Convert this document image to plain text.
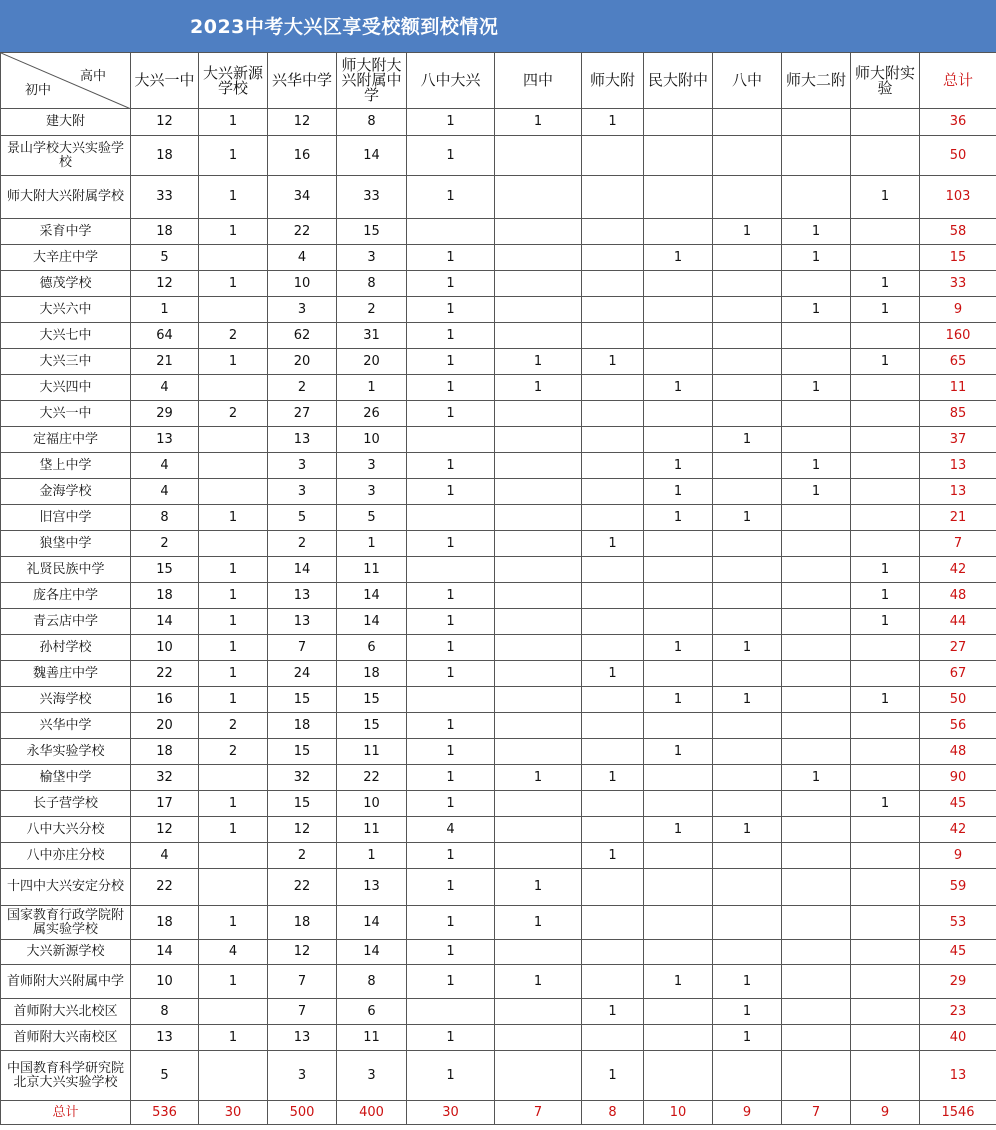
2023中考大兴区享受校额到校情况
高中
初中	大兴一中	大兴新源学校	兴华中学	师大附大兴附属中学	八中大兴	四中	师大附	民大附中	八中	师大二附	师大附实验	总计
建大附	12	1	12	8	1	1	1					36
景山学校大兴实验学校	18	1	16	14	1							50
师大附大兴附属学校	33	1	34	33	1						1	103
采育中学	18	1	22	15					1	1		58
大辛庄中学	5		4	3	1			1		1		15
德茂学校	12	1	10	8	1						1	33
大兴六中	1		3	2	1					1	1	9
大兴七中	64	2	62	31	1							160
大兴三中	21	1	20	20	1	1	1				1	65
大兴四中	4		2	1	1	1		1		1		11
大兴一中	29	2	27	26	1							85
定福庄中学	13		13	10					1			37
垡上中学	4		3	3	1			1		1		13
金海学校	4		3	3	1			1		1		13
旧宫中学	8	1	5	5				1	1			21
狼垡中学	2		2	1	1		1					7
礼贤民族中学	15	1	14	11							1	42
庞各庄中学	18	1	13	14	1						1	48
青云店中学	14	1	13	14	1						1	44
孙村学校	10	1	7	6	1			1	1			27
魏善庄中学	22	1	24	18	1		1					67
兴海学校	16	1	15	15				1	1		1	50
兴华中学	20	2	18	15	1							56
永华实验学校	18	2	15	11	1			1				48
榆垡中学	32		32	22	1	1	1			1		90
长子营学校	17	1	15	10	1						1	45
八中大兴分校	12	1	12	11	4			1	1			42
八中亦庄分校	4		2	1	1		1					9
十四中大兴安定分校	22		22	13	1	1						59
国家教育行政学院附属实验学校	18	1	18	14	1	1						53
大兴新源学校	14	4	12	14	1							45
首师附大兴附属中学	10	1	7	8	1	1		1	1			29
首师附大兴北校区	8		7	6			1		1			23
首师附大兴南校区	13	1	13	11	1				1			40
中国教育科学研究院北京大兴实验学校	5		3	3	1		1					13
总计	536	30	500	400	30	7	8	10	9	7	9	1546
